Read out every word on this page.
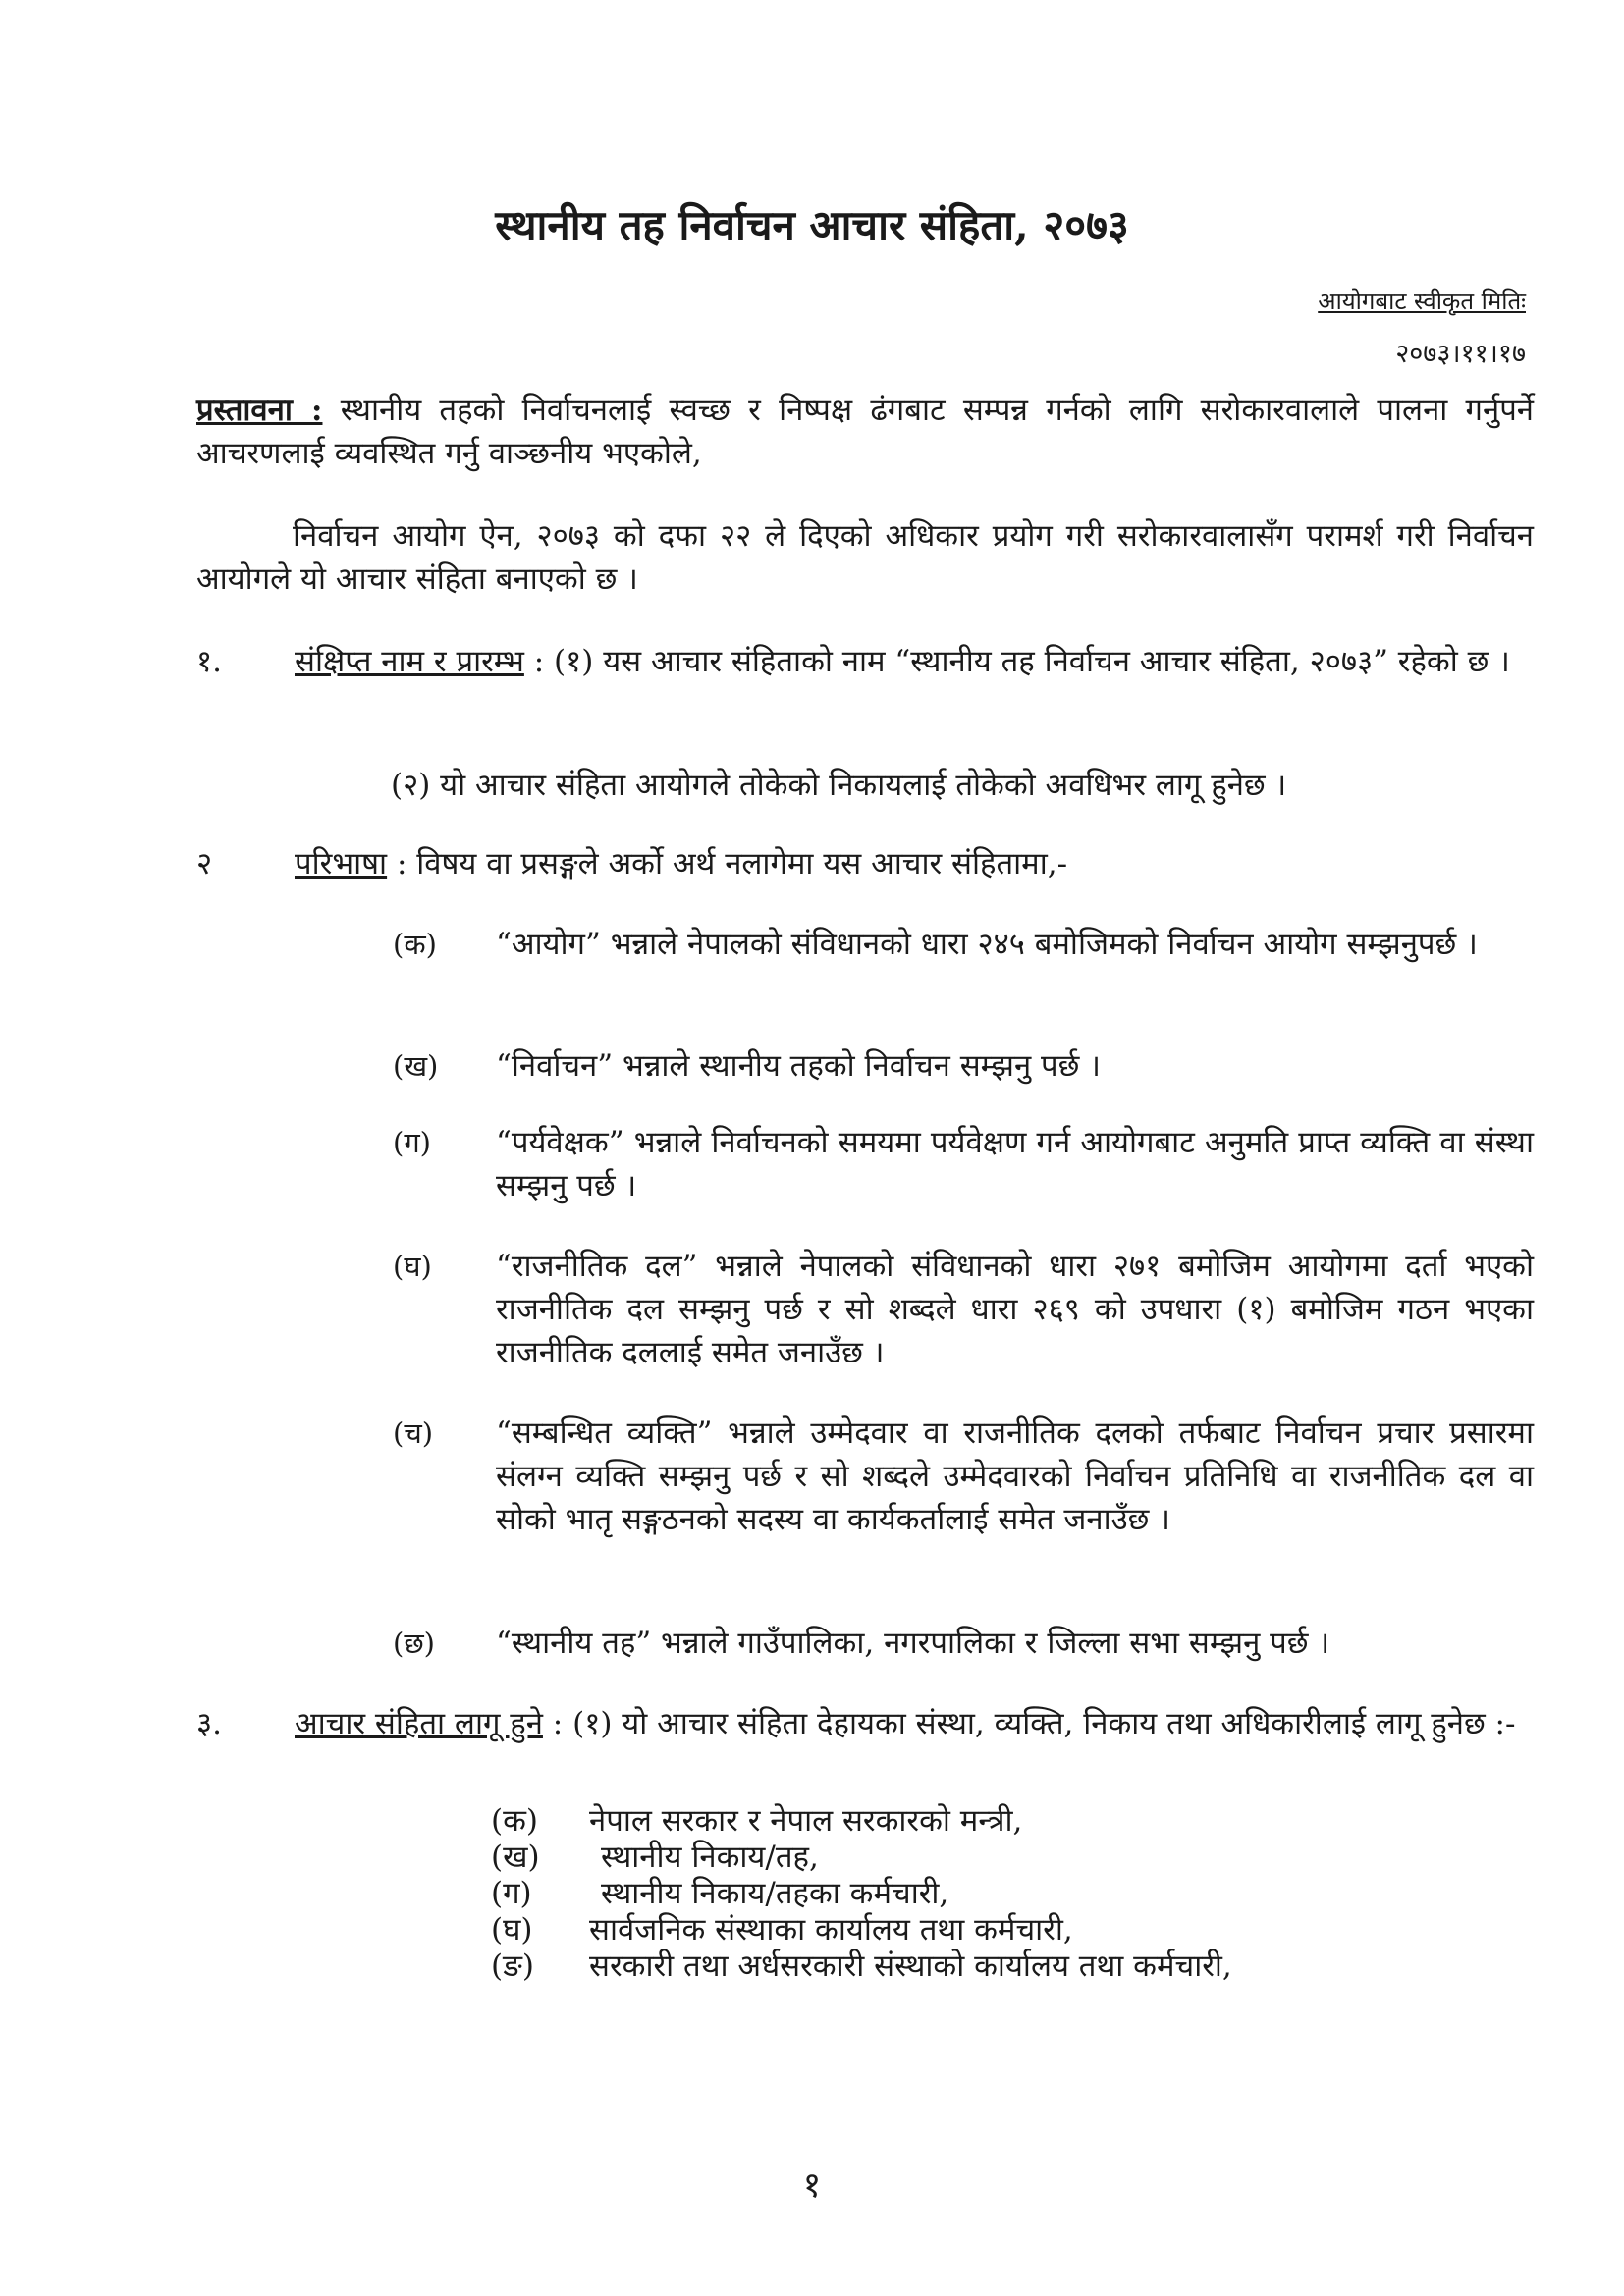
स्थानीय तह निर्वाचन आचार संहिता, २०७३
आयोगबाट स्वीकृत मितिः
२०७३।११।१७
प्रस्तावना : स्थानीय तहको निर्वाचनलाई स्वच्छ र निष्पक्ष ढंगबाट सम्पन्न गर्नको लागि सरोकारवालाले पालना गर्नुपर्ने आचरणलाई व्यवस्थित गर्नु वाञ्छनीय भएकोले,
निर्वाचन आयोग ऐन, २०७३ को दफा २२ ले दिएको अधिकार प्रयोग गरी सरोकारवालासँग परामर्श गरी निर्वाचन आयोगले यो आचार संहिता बनाएको छ ।
१. संक्षिप्त नाम र प्रारम्भ : (१) यस आचार संहिताको नाम “स्थानीय तह निर्वाचन आचार संहिता, २०७३” रहेको छ ।
(२) यो आचार संहिता आयोगले तोकेको निकायलाई तोकेको अवधिभर लागू हुनेछ ।
२	परिभाषा : विषय वा प्रसङ्गले अर्को अर्थ नलागेमा यस आचार संहितामा,-
(क) “आयोग” भन्नाले नेपालको संविधानको धारा २४५ बमोजिमको निर्वाचन आयोग सम्झनुपर्छ ।
(ख) “निर्वाचन” भन्नाले स्थानीय तहको निर्वाचन सम्झनु पर्छ ।
(ग) “पर्यवेक्षक” भन्नाले निर्वाचनको समयमा पर्यवेक्षण गर्न आयोगबाट अनुमति प्राप्त व्यक्ति वा संस्था सम्झनु पर्छ ।
(घ) “राजनीतिक दल” भन्नाले नेपालको संविधानको धारा २७१ बमोजिम आयोगमा दर्ता भएको राजनीतिक दल सम्झनु पर्छ र सो शब्दले धारा २६९ को उपधारा (१) बमोजिम गठन भएका राजनीतिक दललाई समेत जनाउँछ ।
(च) “सम्बन्धित व्यक्ति” भन्नाले उम्मेदवार वा राजनीतिक दलको तर्फबाट निर्वाचन प्रचार प्रसारमा संलग्न व्यक्ति सम्झनु पर्छ र सो शब्दले उम्मेदवारको निर्वाचन प्रतिनिधि वा राजनीतिक दल वा सोको भातृ सङ्गठनको सदस्य वा कार्यकर्तालाई समेत जनाउँछ ।
(छ) “स्थानीय तह” भन्नाले गाउँपालिका, नगरपालिका र जिल्ला सभा सम्झनु पर्छ ।
३. आचार संहिता लागू हुने : (१) यो आचार संहिता देहायका संस्था, व्यक्ति, निकाय तथा अधिकारीलाई लागू हुनेछ :-
(क) नेपाल सरकार र नेपाल सरकारको मन्त्री,
(ख) स्थानीय निकाय/तह,
(ग) स्थानीय निकाय/तहका कर्मचारी,
(घ) सार्वजनिक संस्थाका कार्यालय तथा कर्मचारी,
(ङ) सरकारी तथा अर्धसरकारी संस्थाको कार्यालय तथा कर्मचारी,
१
